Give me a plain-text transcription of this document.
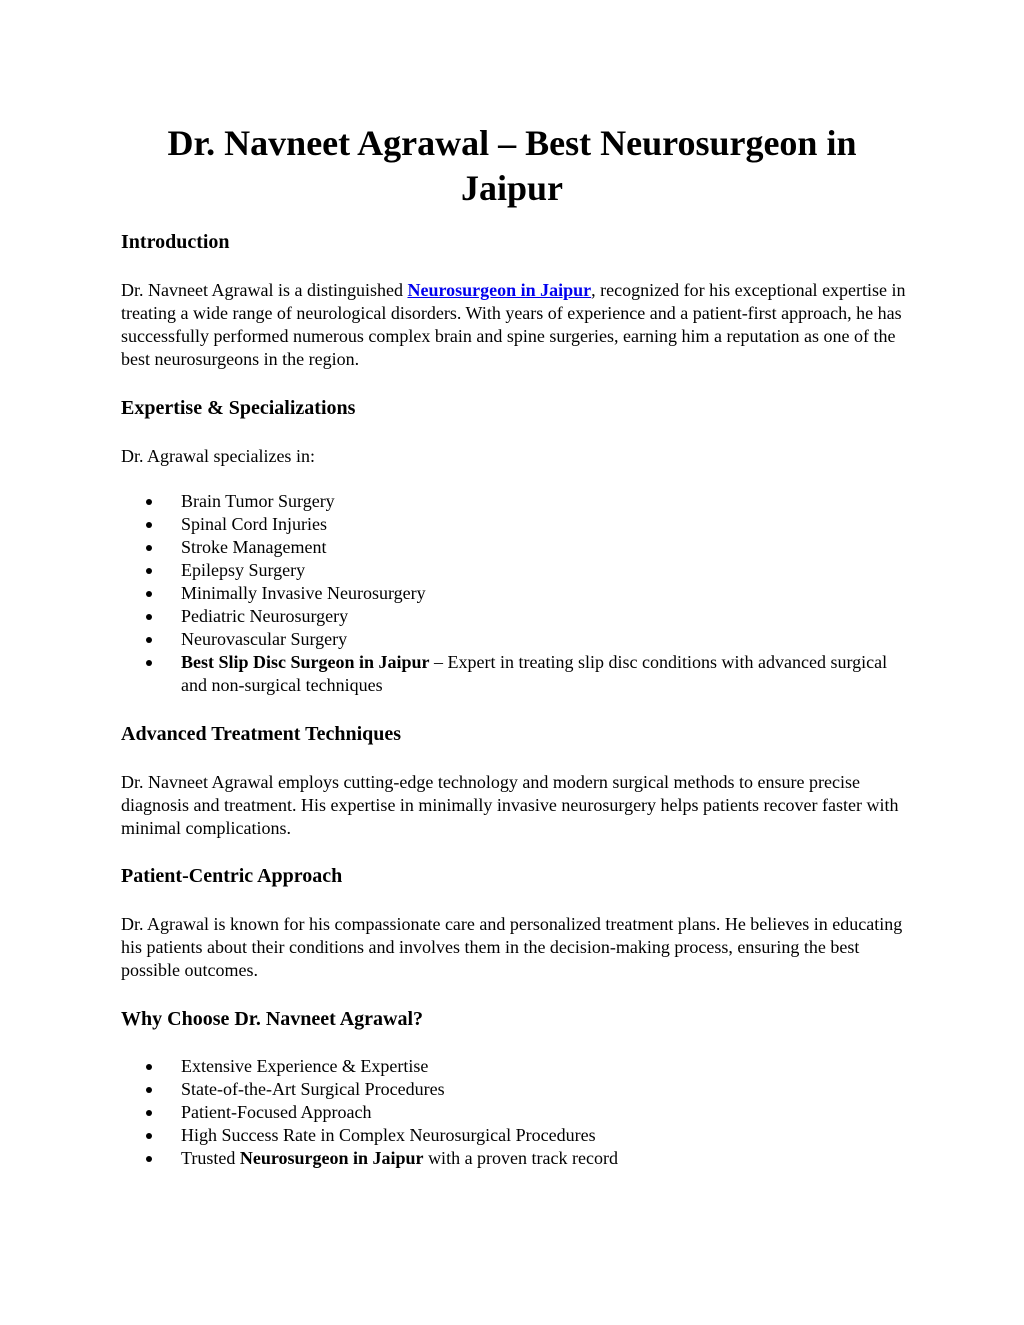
Dr. Navneet Agrawal – Best Neurosurgeon in Jaipur
Introduction

Dr. Navneet Agrawal is a distinguished Neurosurgeon in Jaipur, recognized for his exceptional expertise in treating a wide range of neurological disorders. With years of experience and a patient-first approach, he has successfully performed numerous complex brain and spine surgeries, earning him a reputation as one of the best neurosurgeons in the region.

Expertise & Specializations

Dr. Agrawal specializes in:

Brain Tumor Surgery
Spinal Cord Injuries
Stroke Management
Epilepsy Surgery
Minimally Invasive Neurosurgery
Pediatric Neurosurgery
Neurovascular Surgery
Best Slip Disc Surgeon in Jaipur – Expert in treating slip disc conditions with advanced surgical and non-surgical techniques
Advanced Treatment Techniques

Dr. Navneet Agrawal employs cutting-edge technology and modern surgical methods to ensure precise diagnosis and treatment. His expertise in minimally invasive neurosurgery helps patients recover faster with minimal complications.

Patient-Centric Approach

Dr. Agrawal is known for his compassionate care and personalized treatment plans. He believes in educating his patients about their conditions and involves them in the decision-making process, ensuring the best possible outcomes.

Why Choose Dr. Navneet Agrawal?
Extensive Experience & Expertise
State-of-the-Art Surgical Procedures
Patient-Focused Approach
High Success Rate in Complex Neurosurgical Procedures
Trusted Neurosurgeon in Jaipur with a proven track record
